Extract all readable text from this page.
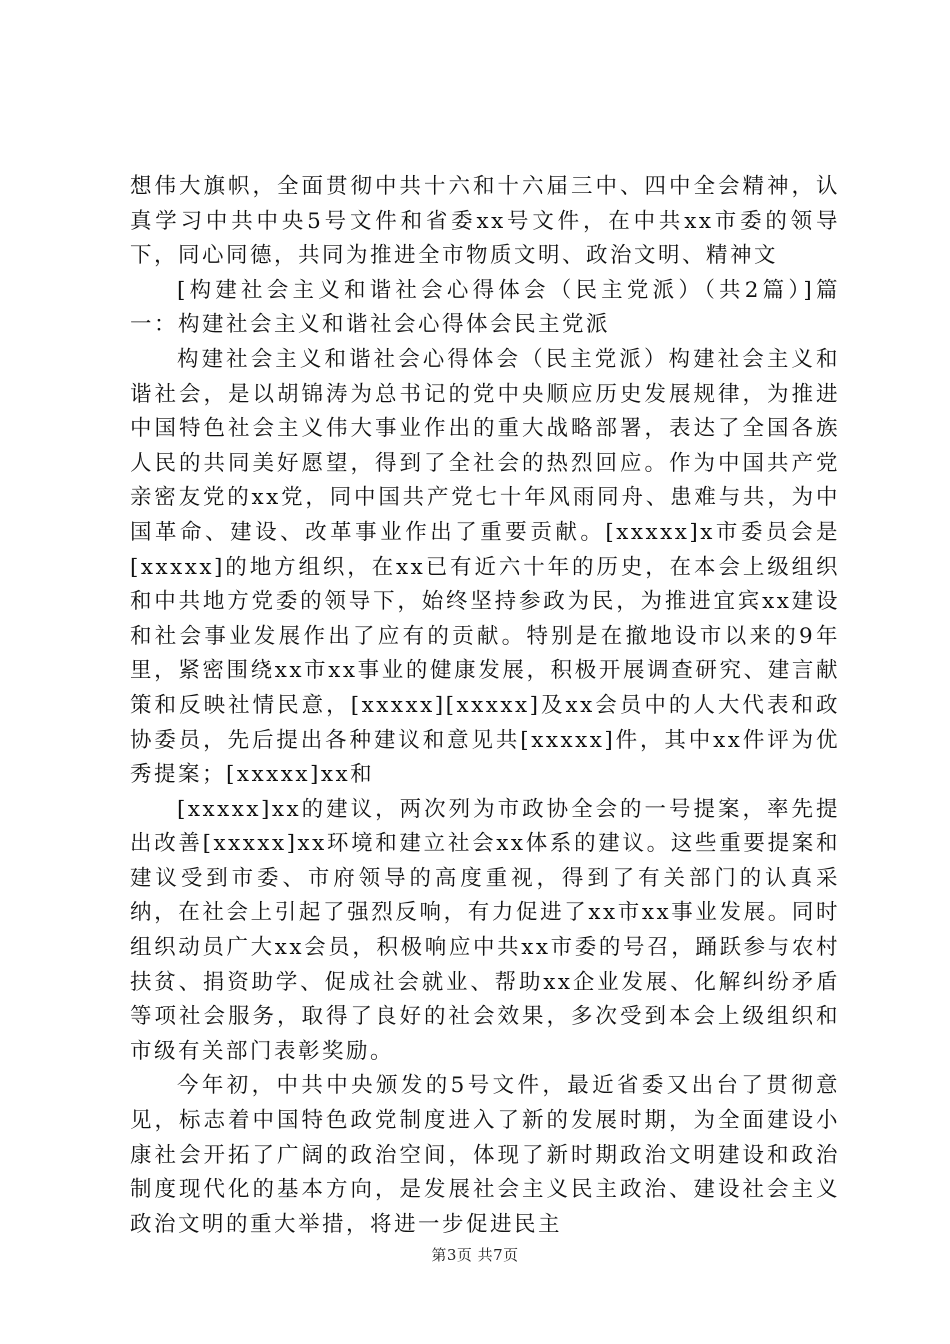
想伟大旗帜，全面贯彻中共十六和十六届三中、四中全会精神，认真学习中共中央5号文件和省委xx号文件，在中共xx市委的领导下，同心同德，共同为推进全市物质文明、政治文明、精神文

[构建社会主义和谐社会心得体会（民主党派）（共2篇）]篇一：构建社会主义和谐社会心得体会民主党派

构建社会主义和谐社会心得体会（民主党派）构建社会主义和谐社会，是以胡锦涛为总书记的党中央顺应历史发展规律，为推进中国特色社会主义伟大事业作出的重大战略部署，表达了全国各族人民的共同美好愿望，得到了全社会的热烈回应。作为中国共产党亲密友党的xx党，同中国共产党七十年风雨同舟、患难与共，为中国革命、建设、改革事业作出了重要贡献。[xxxxx]x市委员会是[xxxxx]的地方组织，在xx已有近六十年的历史，在本会上级组织和中共地方党委的领导下，始终坚持参政为民，为推进宜宾xx建设和社会事业发展作出了应有的贡献。特别是在撤地设市以来的9年里，紧密围绕xx市xx事业的健康发展，积极开展调查研究、建言献策和反映社情民意，[xxxxx][xxxxx]及xx会员中的人大代表和政协委员，先后提出各种建议和意见共[xxxxx]件，其中xx件评为优秀提案；[xxxxx]xx和

[xxxxx]xx的建议，两次列为市政协全会的一号提案，率先提出改善[xxxxx]xx环境和建立社会xx体系的建议。这些重要提案和建议受到市委、市府领导的高度重视，得到了有关部门的认真采纳，在社会上引起了强烈反响，有力促进了xx市xx事业发展。同时组织动员广大xx会员，积极响应中共xx市委的号召，踊跃参与农村扶贫、捐资助学、促成社会就业、帮助xx企业发展、化解纠纷矛盾等项社会服务，取得了良好的社会效果，多次受到本会上级组织和市级有关部门表彰奖励。

今年初，中共中央颁发的5号文件，最近省委又出台了贯彻意见，标志着中国特色政党制度进入了新的发展时期，为全面建设小康社会开拓了广阔的政治空间，体现了新时期政治文明建设和政治制度现代化的基本方向，是发展社会主义民主政治、建设社会主义政治文明的重大举措，将进一步促进民主

第3页 共7页
